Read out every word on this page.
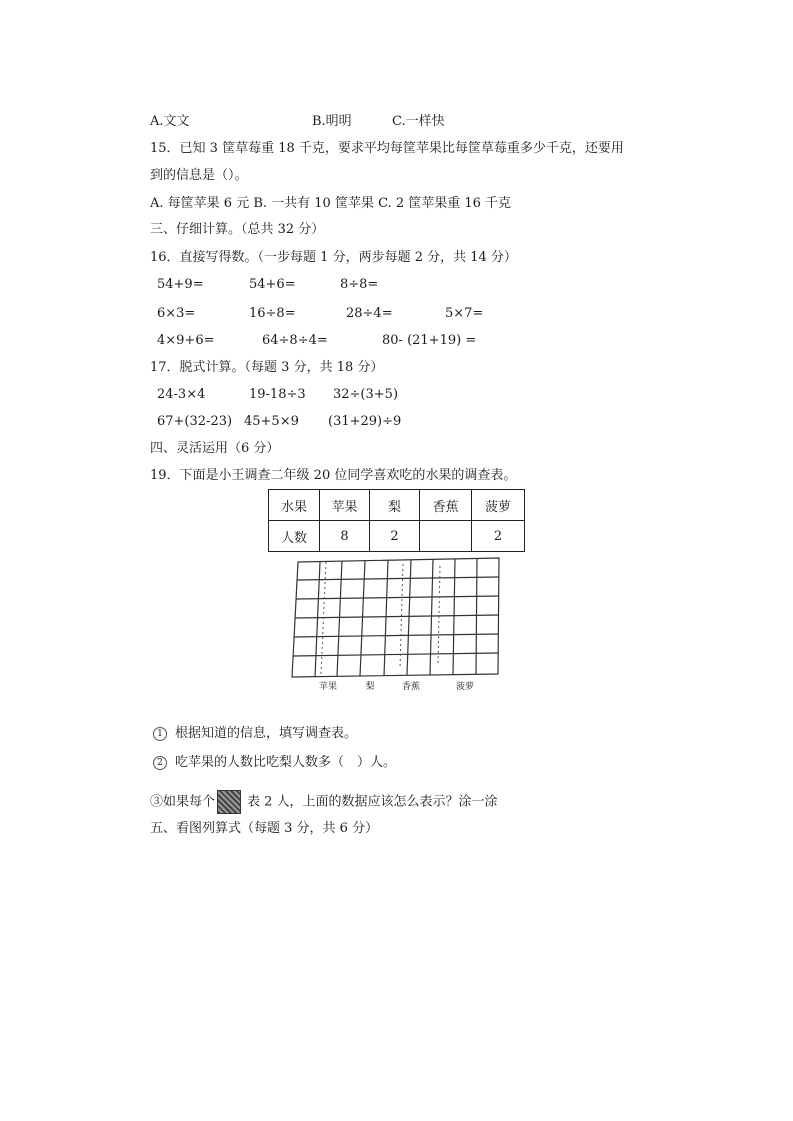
A.文文	B.明明	C.一样快
15．已知 3 筐草莓重 18 千克，要求平均每筐苹果比每筐草莓重多少千克，还要用
到的信息是（）。
A. 每筐苹果 6 元 B. 一共有 10 筐苹果 C. 2 筐苹果重 16 千克
三、仔细计算。（总共 32 分）
16．直接写得数。（一步每题 1 分，两步每题 2 分，共 14 分）
54+9=	54+6=	8÷8=
6×3=	16÷8=	28÷4=	5×7=
4×9+6=	64÷8÷4=	80- (21+19) =
17．脱式计算。（每题 3 分，共 18 分）
24-3×4	19-18÷3 32÷(3+5)
67+(32-23) 45+5×9 (31+29)÷9
四、灵活运用（6 分）
19．下面是小王调查二年级 20 位同学喜欢吃的水果的调查表。
水果	苹果	梨	香蕉	菠萝
人数	8	2		2
苹果	梨	香蕉	菠萝
1 根据知道的信息，填写调查表。
2 吃苹果的人数比吃梨人数多（　）人。
③如果每个 表 2 人，上面的数据应该怎么表示？涂一涂
五、看图列算式（每题 3 分，共 6 分）
